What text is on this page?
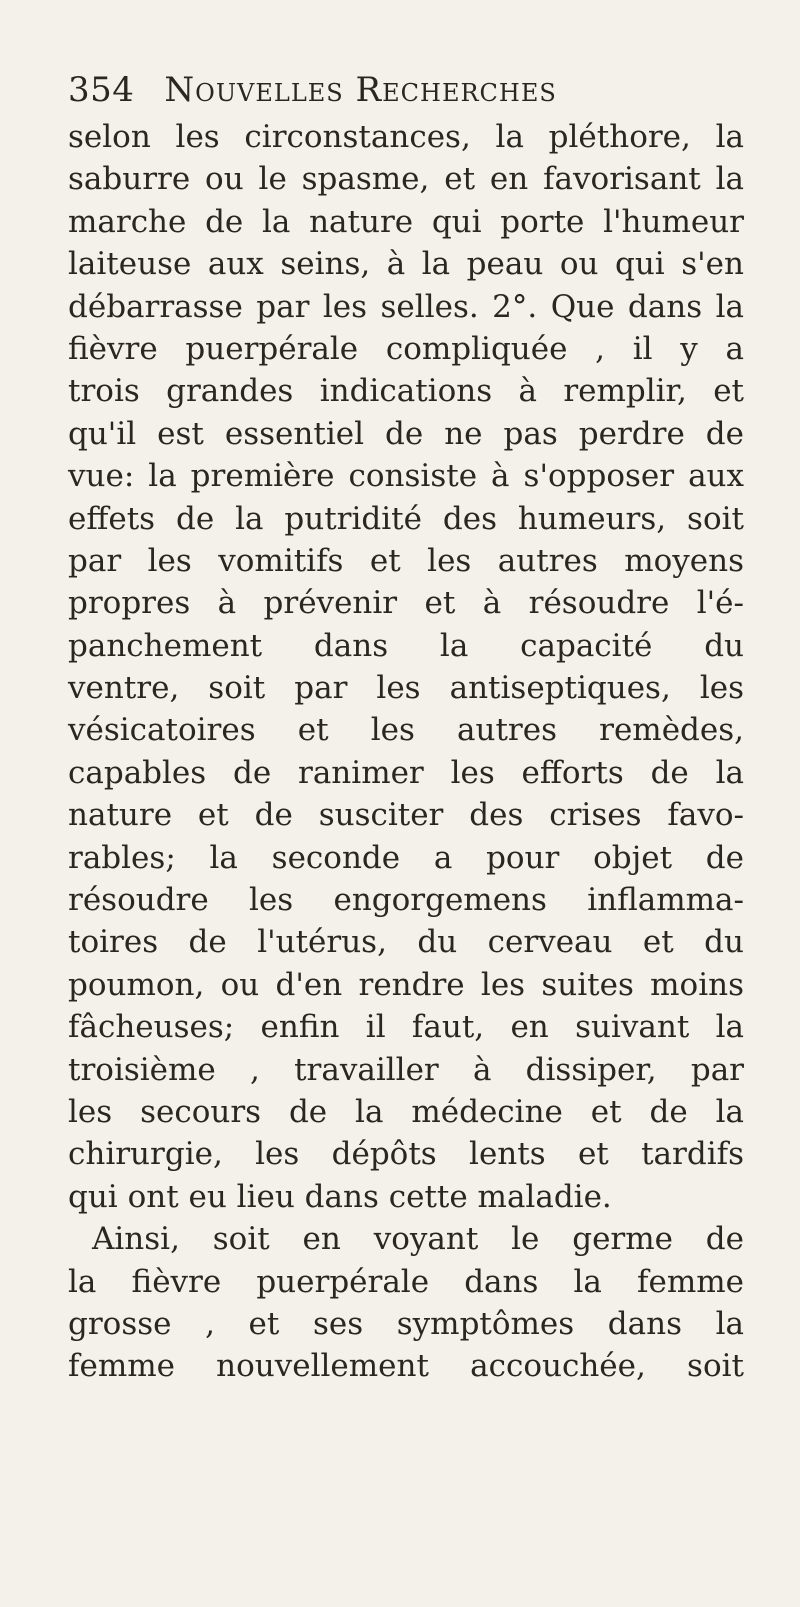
354 Nouvelles Recherches
selon les circonstances, la pléthore, la
saburre ou le spasme, et en favorisant la
marche de la nature qui porte l'humeur
laiteuse aux seins, à la peau ou qui s'en
débarrasse par les selles. 2°. Que dans la
fièvre puerpérale compliquée , il y a
trois grandes indications à remplir, et
qu'il est essentiel de ne pas perdre de
vue: la première consiste à s'opposer aux
effets de la putridité des humeurs, soit
par les vomitifs et les autres moyens
propres à prévenir et à résoudre l'é-
panchement dans la capacité du
ventre, soit par les antiseptiques, les
vésicatoires et les autres remèdes,
capables de ranimer les efforts de la
nature et de susciter des crises favo-
rables; la seconde a pour objet de
résoudre les engorgemens inflamma-
toires de l'utérus, du cerveau et du
poumon, ou d'en rendre les suites moins
fâcheuses; enfin il faut, en suivant la
troisième , travailler à dissiper, par
les secours de la médecine et de la
chirurgie, les dépôts lents et tardifs
qui ont eu lieu dans cette maladie.
Ainsi, soit en voyant le germe de
la fièvre puerpérale dans la femme
grosse , et ses symptômes dans la
femme nouvellement accouchée, soit
